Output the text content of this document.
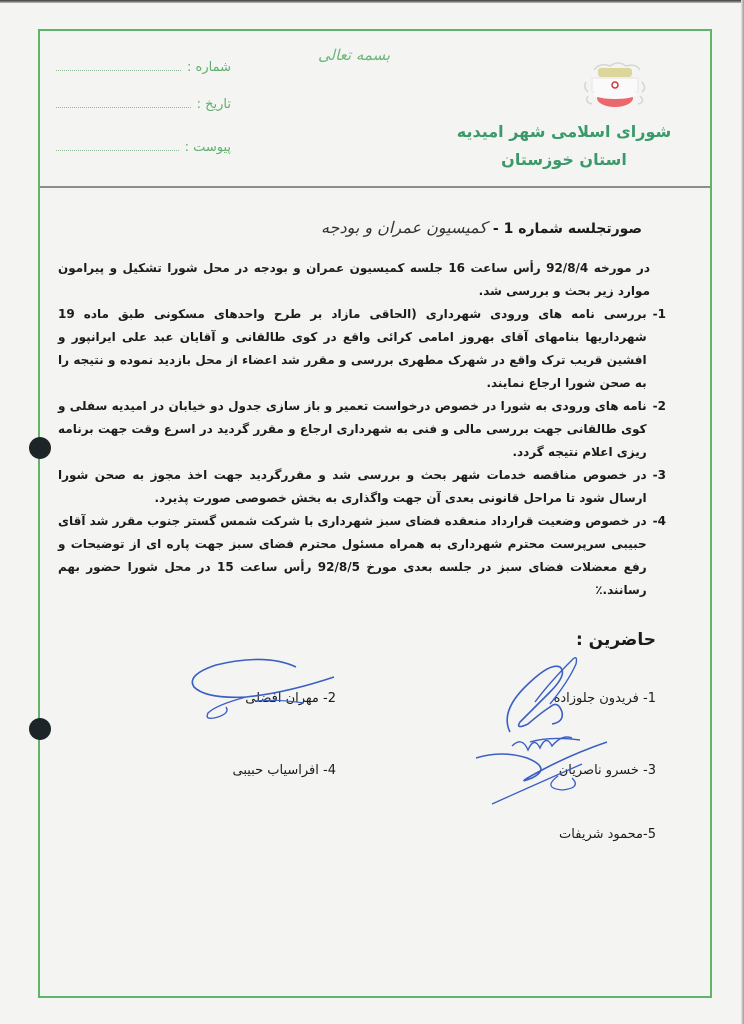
شورای اسلامی شهر امیدیه
استان خوزستان
بسمه تعالی
شماره :
تاریخ :
پیوست :
صورتجلسه شماره 1 -
کمیسیون عمران و بودجه
در مورخه 92/8/4 رأس ساعت 16 جلسه کمیسیون عمران و بودجه در محل شورا تشکیل و پیرامون موارد زیر بحث و بررسی شد.
1-
بررسی نامه های ورودی شهرداری (الحاقی مازاد بر طرح واحدهای مسکونی طبق ماده 19 شهرداریها بنامهای آقای بهروز امامی کرائی واقع در کوی طالقانی و آقایان عبد علی ایرانپور و افشین قریب ترک واقع در شهرک مطهری بررسی و مقرر شد اعضاء از محل بازدید نموده و نتیجه را به صحن شورا ارجاع نمایند.
2-
نامه های ورودی به شورا در خصوص درخواست تعمیر و باز سازی جدول دو خیابان در امیدیه سفلی و کوی طالقانی جهت بررسی مالی و فنی به شهرداری ارجاع و مقرر گردید در اسرع وقت جهت برنامه ریزی اعلام نتیجه گردد.
3-
در خصوص مناقصه خدمات شهر بحث و بررسی شد و مقررگردید جهت اخذ مجوز به صحن شورا ارسال شود تا مراحل قانونی بعدی آن جهت واگذاری به بخش خصوصی صورت پذیرد.
4-
در خصوص وضعیت قرارداد منعقده فضای سبز شهرداری با شرکت شمس گستر جنوب مقرر شد آقای حبیبی سرپرست محترم شهرداری به همراه مسئول محترم فضای سبز جهت پاره ای از توضیحات و رفع معضلات فضای سبز در جلسه بعدی مورخ 92/8/5 رأس ساعت 15 در محل شورا حضور بهم رسانند.٪
حاضرین :
1- فریدون جلوزاده
2- مهران افضلی
3- خسرو ناصریان
4- افراسیاب حبیبی
5-محمود شریفات
